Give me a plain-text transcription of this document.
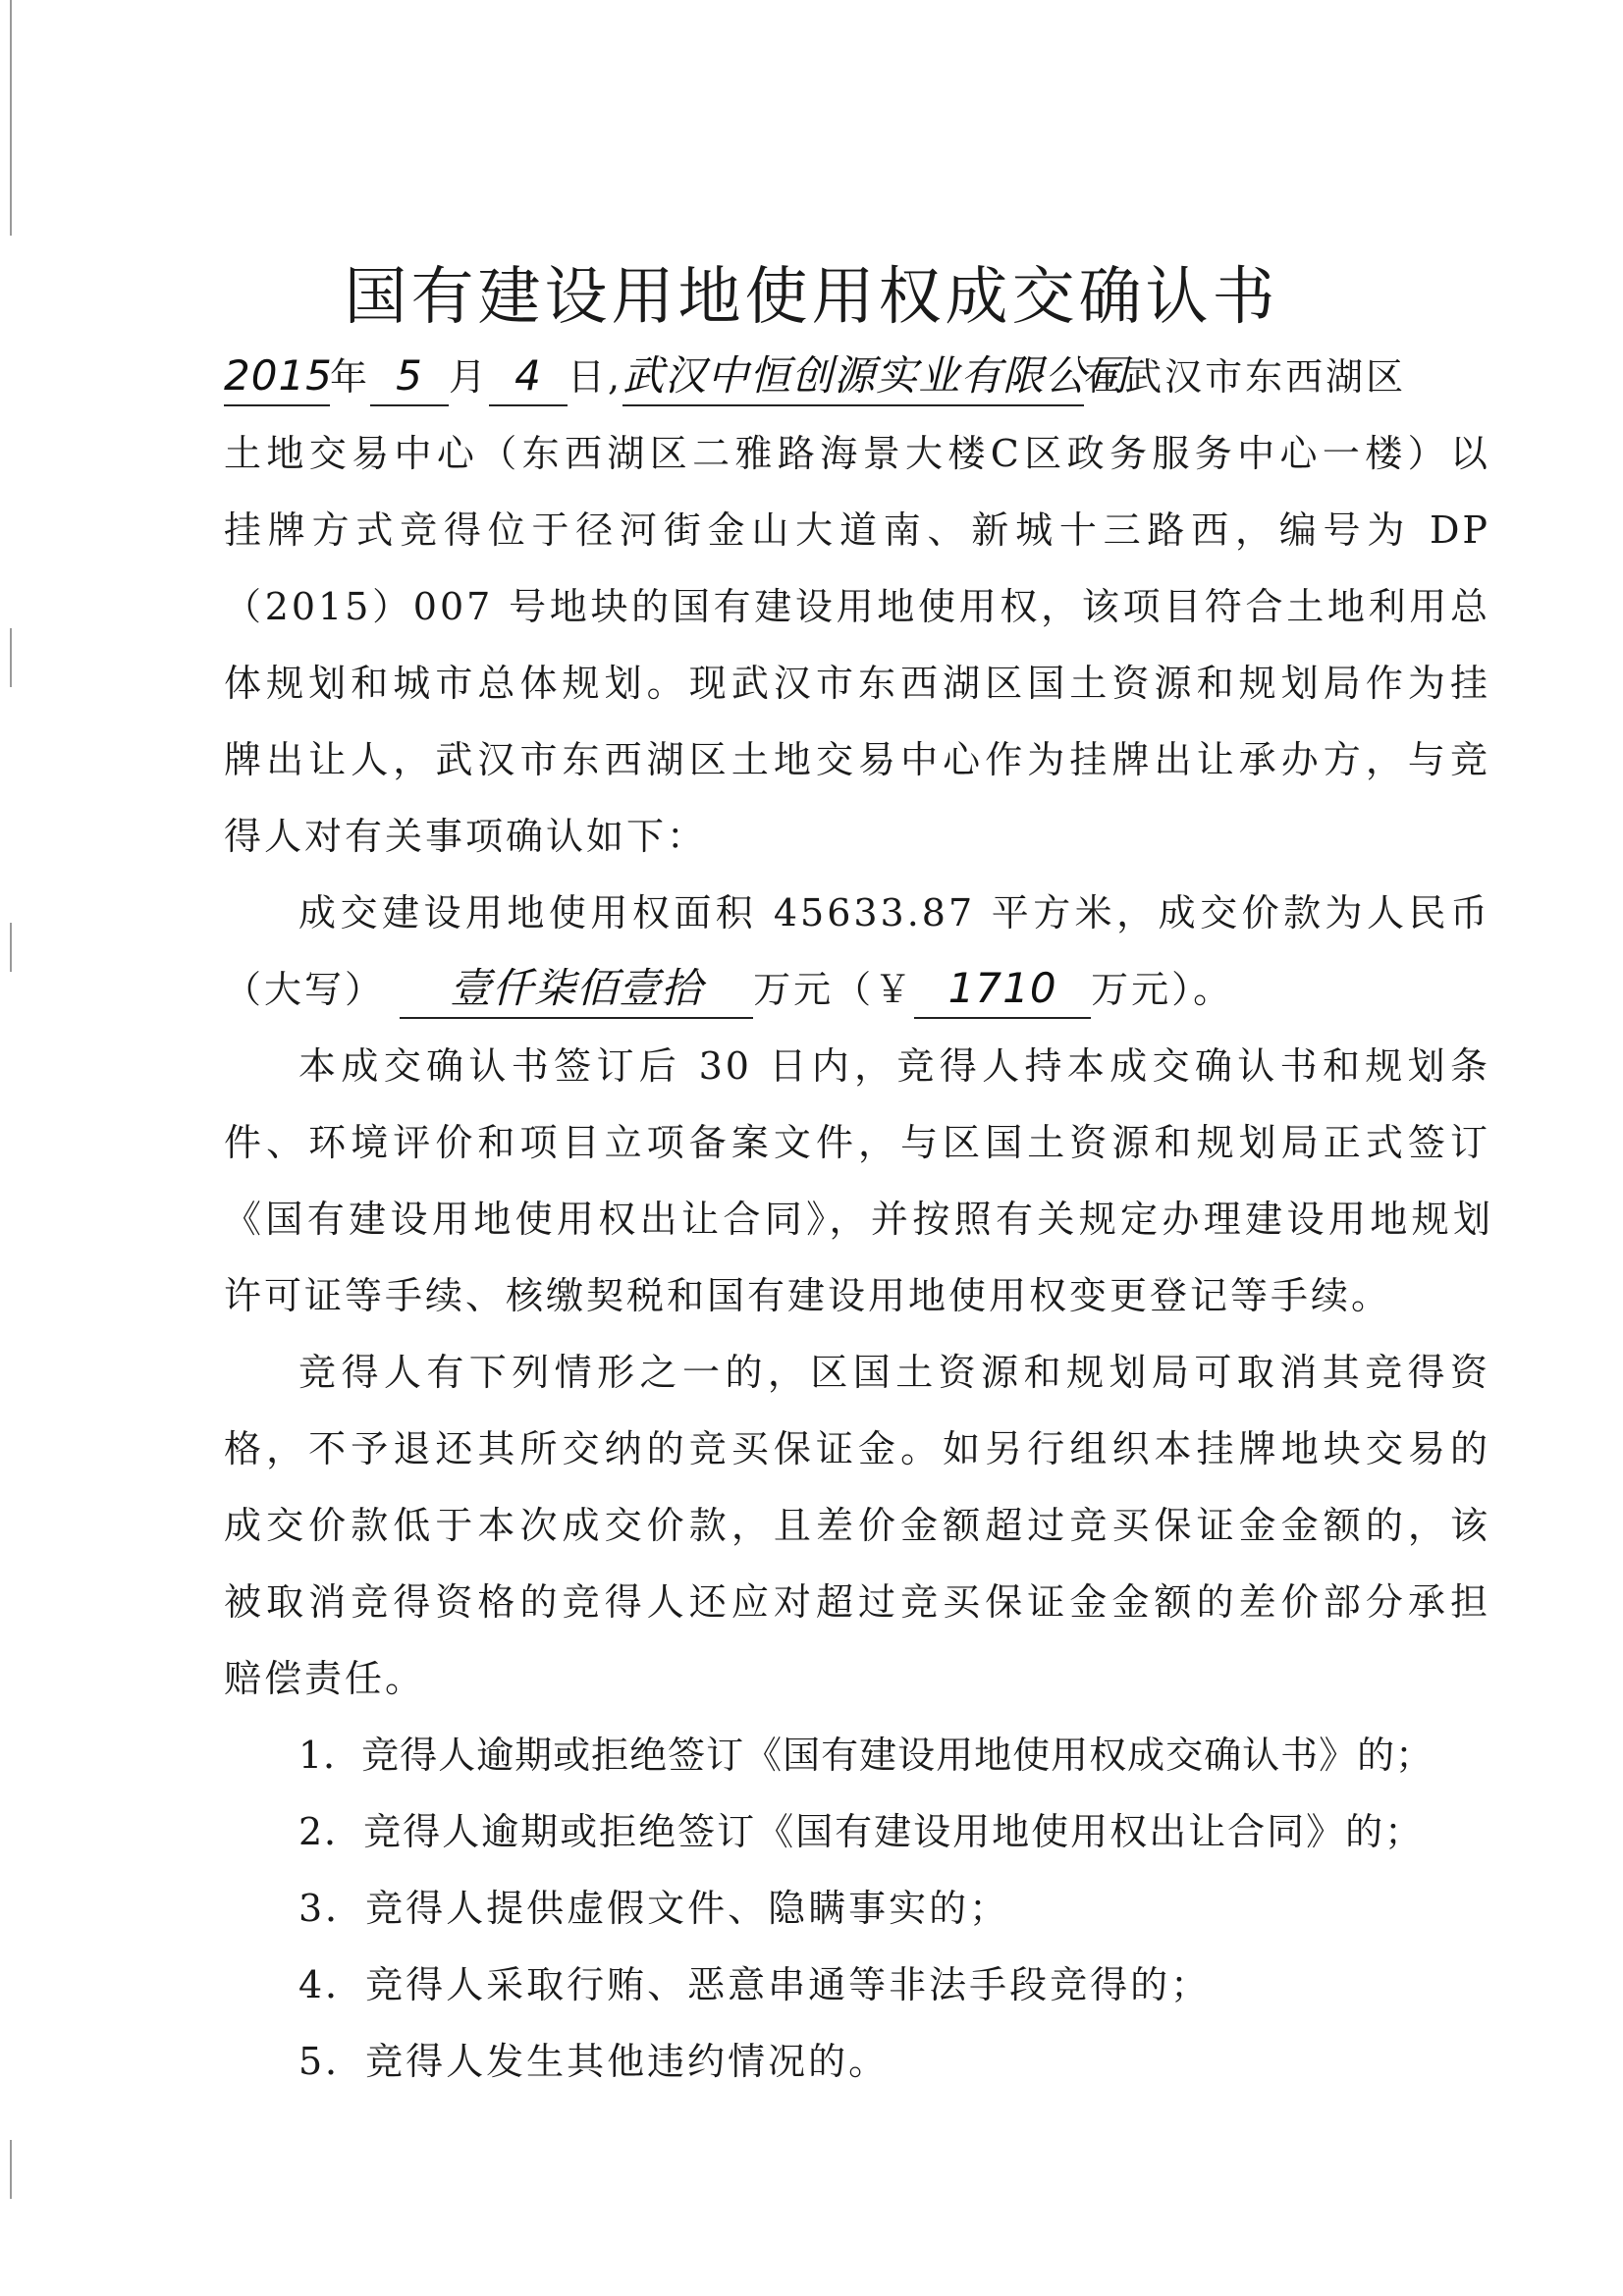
国有建设用地使用权成交确认书
2015年 5 月 4 日,武汉中恒创源实业有限公司在武汉市东西湖区
土地交易中心（东西湖区二雅路海景大楼C区政务服务中心一楼）以
挂牌方式竞得位于径河街金山大道南、新城十三路西，编号为 DP
（2015）007 号地块的国有建设用地使用权，该项目符合土地利用总
体规划和城市总体规划。现武汉市东西湖区国土资源和规划局作为挂
牌出让人，武汉市东西湖区土地交易中心作为挂牌出让承办方，与竞
得人对有关事项确认如下：
成交建设用地使用权面积 45633.87 平方米，成交价款为人民币
（大写） 壹仟柒佰壹拾 万元（￥ 1710 万元）。
本成交确认书签订后 30 日内，竞得人持本成交确认书和规划条
件、环境评价和项目立项备案文件，与区国土资源和规划局正式签订
《国有建设用地使用权出让合同》，并按照有关规定办理建设用地规划
许可证等手续、核缴契税和国有建设用地使用权变更登记等手续。
竞得人有下列情形之一的，区国土资源和规划局可取消其竞得资
格，不予退还其所交纳的竞买保证金。如另行组织本挂牌地块交易的
成交价款低于本次成交价款，且差价金额超过竞买保证金金额的，该
被取消竞得资格的竞得人还应对超过竞买保证金金额的差价部分承担
赔偿责任。
1．竞得人逾期或拒绝签订《国有建设用地使用权成交确认书》的；
2．竞得人逾期或拒绝签订《国有建设用地使用权出让合同》的；
3．竞得人提供虚假文件、隐瞒事实的；
4．竞得人采取行贿、恶意串通等非法手段竞得的；
5．竞得人发生其他违约情况的。
